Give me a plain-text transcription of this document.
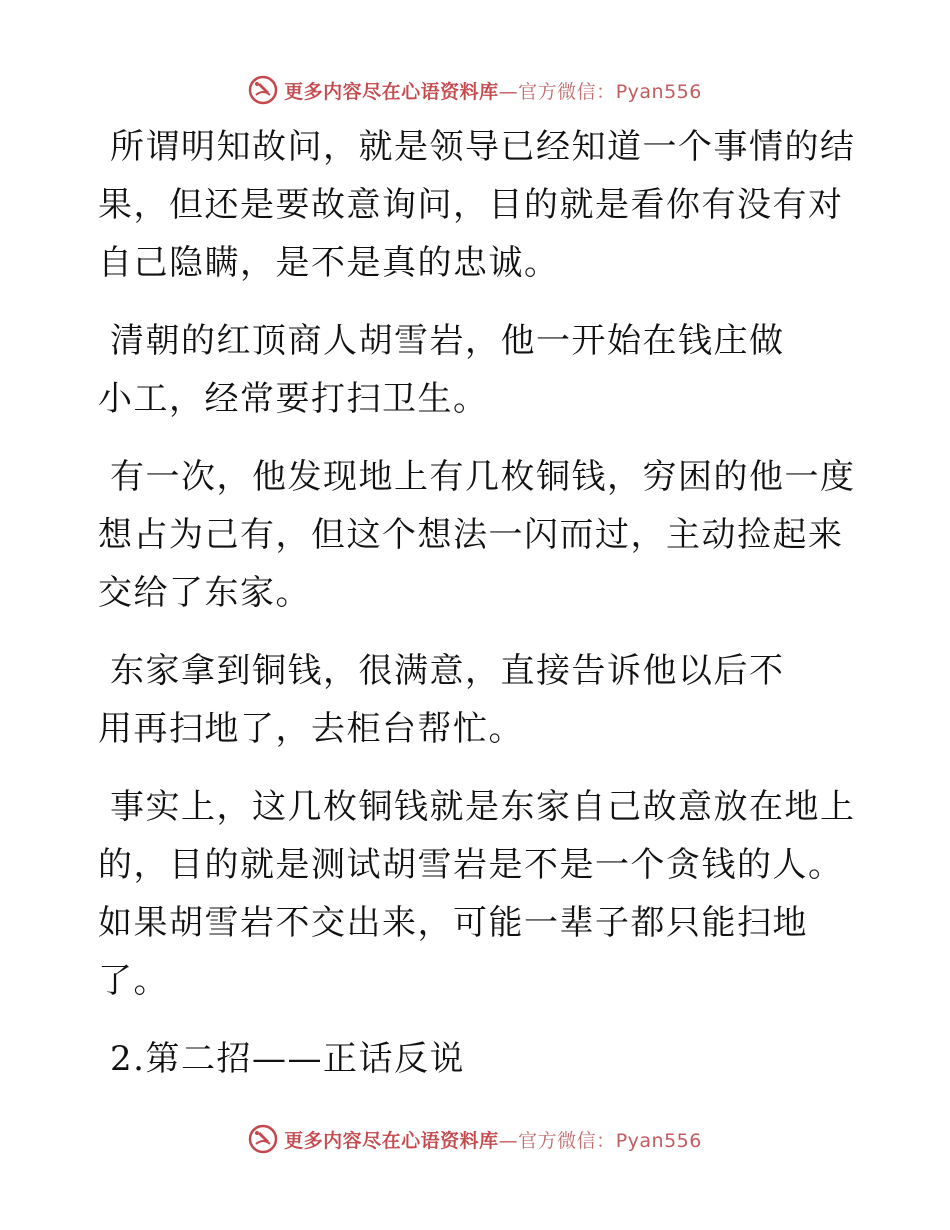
更多内容尽在心语资料库—官方微信：Pyan556

所谓明知故问，就是领导已经知道一个事情的结果，但还是要故意询问，目的就是看你有没有对自己隐瞒，是不是真的忠诚。

清朝的红顶商人胡雪岩，他一开始在钱庄做小工，经常要打扫卫生。

有一次，他发现地上有几枚铜钱，穷困的他一度想占为己有，但这个想法一闪而过，主动捡起来交给了东家。

东家拿到铜钱，很满意，直接告诉他以后不用再扫地了，去柜台帮忙。

事实上，这几枚铜钱就是东家自己故意放在地上的，目的就是测试胡雪岩是不是一个贪钱的人。如果胡雪岩不交出来，可能一辈子都只能扫地了。

2.第二招——正话反说

更多内容尽在心语资料库—官方微信：Pyan556
